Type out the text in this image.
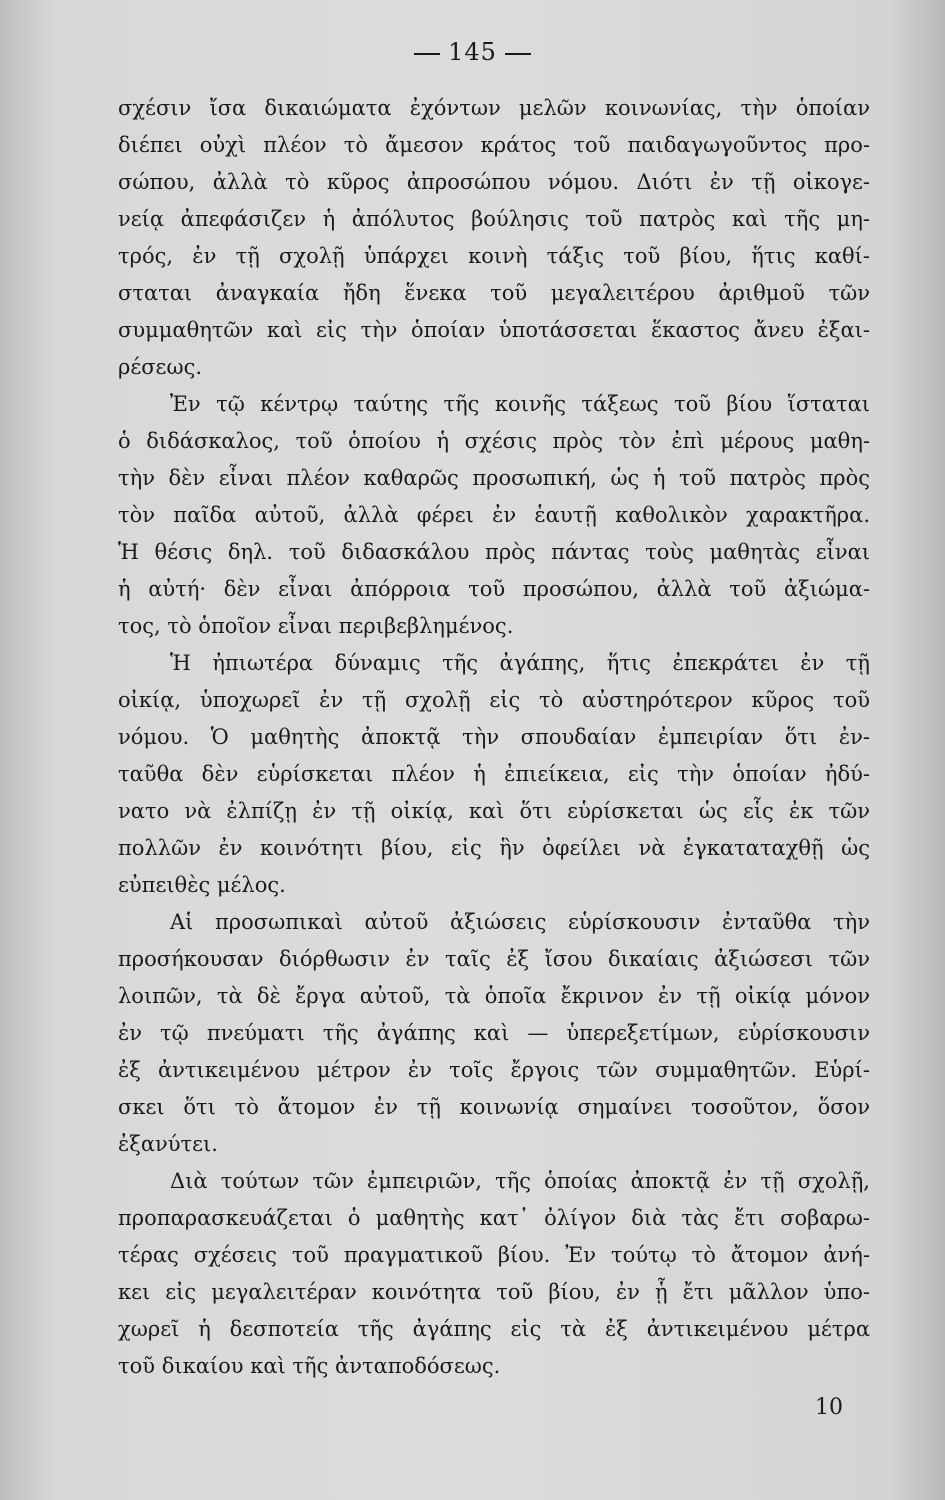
145
σχέσιν ἴσα δικαιώματα ἐχόντων μελῶν κοινωνίας, τὴν ὁποίαν
διέπει οὐχὶ πλέον τὸ ἄμεσον κράτος τοῦ παιδαγωγοῦντος προ-
σώπου, ἀλλὰ τὸ κῦρος ἀπροσώπου νόμου. Διότι ἐν τῇ οἰκογε-
νείᾳ ἀπεφάσιζεν ἡ ἀπόλυτος βούλησις τοῦ πατρὸς καὶ τῆς μη-
τρός, ἐν τῇ σχολῇ ὑπάρχει κοινὴ τάξις τοῦ βίου, ἥτις καθί-
σταται ἀναγκαία ἤδη ἕνεκα τοῦ μεγαλειτέρου ἀριθμοῦ τῶν
συμμαθητῶν καὶ εἰς τὴν ὁποίαν ὑποτάσσεται ἕκαστος ἄνευ ἐξαι-
ρέσεως.
Ἐν τῷ κέντρῳ ταύτης τῆς κοινῆς τάξεως τοῦ βίου ἵσταται
ὁ διδάσκαλος, τοῦ ὁποίου ἡ σχέσις πρὸς τὸν ἐπὶ μέρους μαθη-
τὴν δὲν εἶναι πλέον καθαρῶς προσωπική, ὡς ἡ τοῦ πατρὸς πρὸς
τὸν παῖδα αὐτοῦ, ἀλλὰ φέρει ἐν ἑαυτῇ καθολικὸν χαρακτῆρα.
Ἡ θέσις δηλ. τοῦ διδασκάλου πρὸς πάντας τοὺς μαθητὰς εἶναι
ἡ αὐτή· δὲν εἶναι ἀπόρροια τοῦ προσώπου, ἀλλὰ τοῦ ἀξιώμα-
τος, τὸ ὁποῖον εἶναι περιβεβλημένος.
Ἡ ἠπιωτέρα δύναμις τῆς ἀγάπης, ἥτις ἐπεκράτει ἐν τῇ
οἰκίᾳ, ὑποχωρεῖ ἐν τῇ σχολῇ εἰς τὸ αὐστηρότερον κῦρος τοῦ
νόμου. Ὁ μαθητὴς ἀποκτᾷ τὴν σπουδαίαν ἐμπειρίαν ὅτι ἐν-
ταῦθα δὲν εὑρίσκεται πλέον ἡ ἐπιείκεια, εἰς τὴν ὁποίαν ἠδύ-
νατο νὰ ἐλπίζῃ ἐν τῇ οἰκίᾳ, καὶ ὅτι εὑρίσκεται ὡς εἷς ἐκ τῶν
πολλῶν ἐν κοινότητι βίου, εἰς ἣν ὀφείλει νὰ ἐγκαταταχθῇ ὡς
εὐπειθὲς μέλος.
Αἱ προσωπικαὶ αὐτοῦ ἀξιώσεις εὑρίσκουσιν ἐνταῦθα τὴν
προσήκουσαν διόρθωσιν ἐν ταῖς ἐξ ἴσου δικαίαις ἀξιώσεσι τῶν
λοιπῶν, τὰ δὲ ἔργα αὐτοῦ, τὰ ὁποῖα ἔκρινον ἐν τῇ οἰκίᾳ μόνον
ἐν τῷ πνεύματι τῆς ἀγάπης καὶ — ὑπερεξετίμων, εὑρίσκουσιν
ἐξ ἀντικειμένου μέτρον ἐν τοῖς ἔργοις τῶν συμμαθητῶν. Εὑρί-
σκει ὅτι τὸ ἄτομον ἐν τῇ κοινωνίᾳ σημαίνει τοσοῦτον, ὅσον
ἐξανύτει.
Διὰ τούτων τῶν ἐμπειριῶν, τῆς ὁποίας ἀποκτᾷ ἐν τῇ σχολῇ,
προπαρασκευάζεται ὁ μαθητὴς κατ᾽ ὀλίγον διὰ τὰς ἔτι σοβαρω-
τέρας σχέσεις τοῦ πραγματικοῦ βίου. Ἐν τούτῳ τὸ ἄτομον ἀνή-
κει εἰς μεγαλειτέραν κοινότητα τοῦ βίου, ἐν ᾗ ἔτι μᾶλλον ὑπο-
χωρεῖ ἡ δεσποτεία τῆς ἀγάπης εἰς τὰ ἐξ ἀντικειμένου μέτρα
τοῦ δικαίου καὶ τῆς ἀνταποδόσεως.
10
